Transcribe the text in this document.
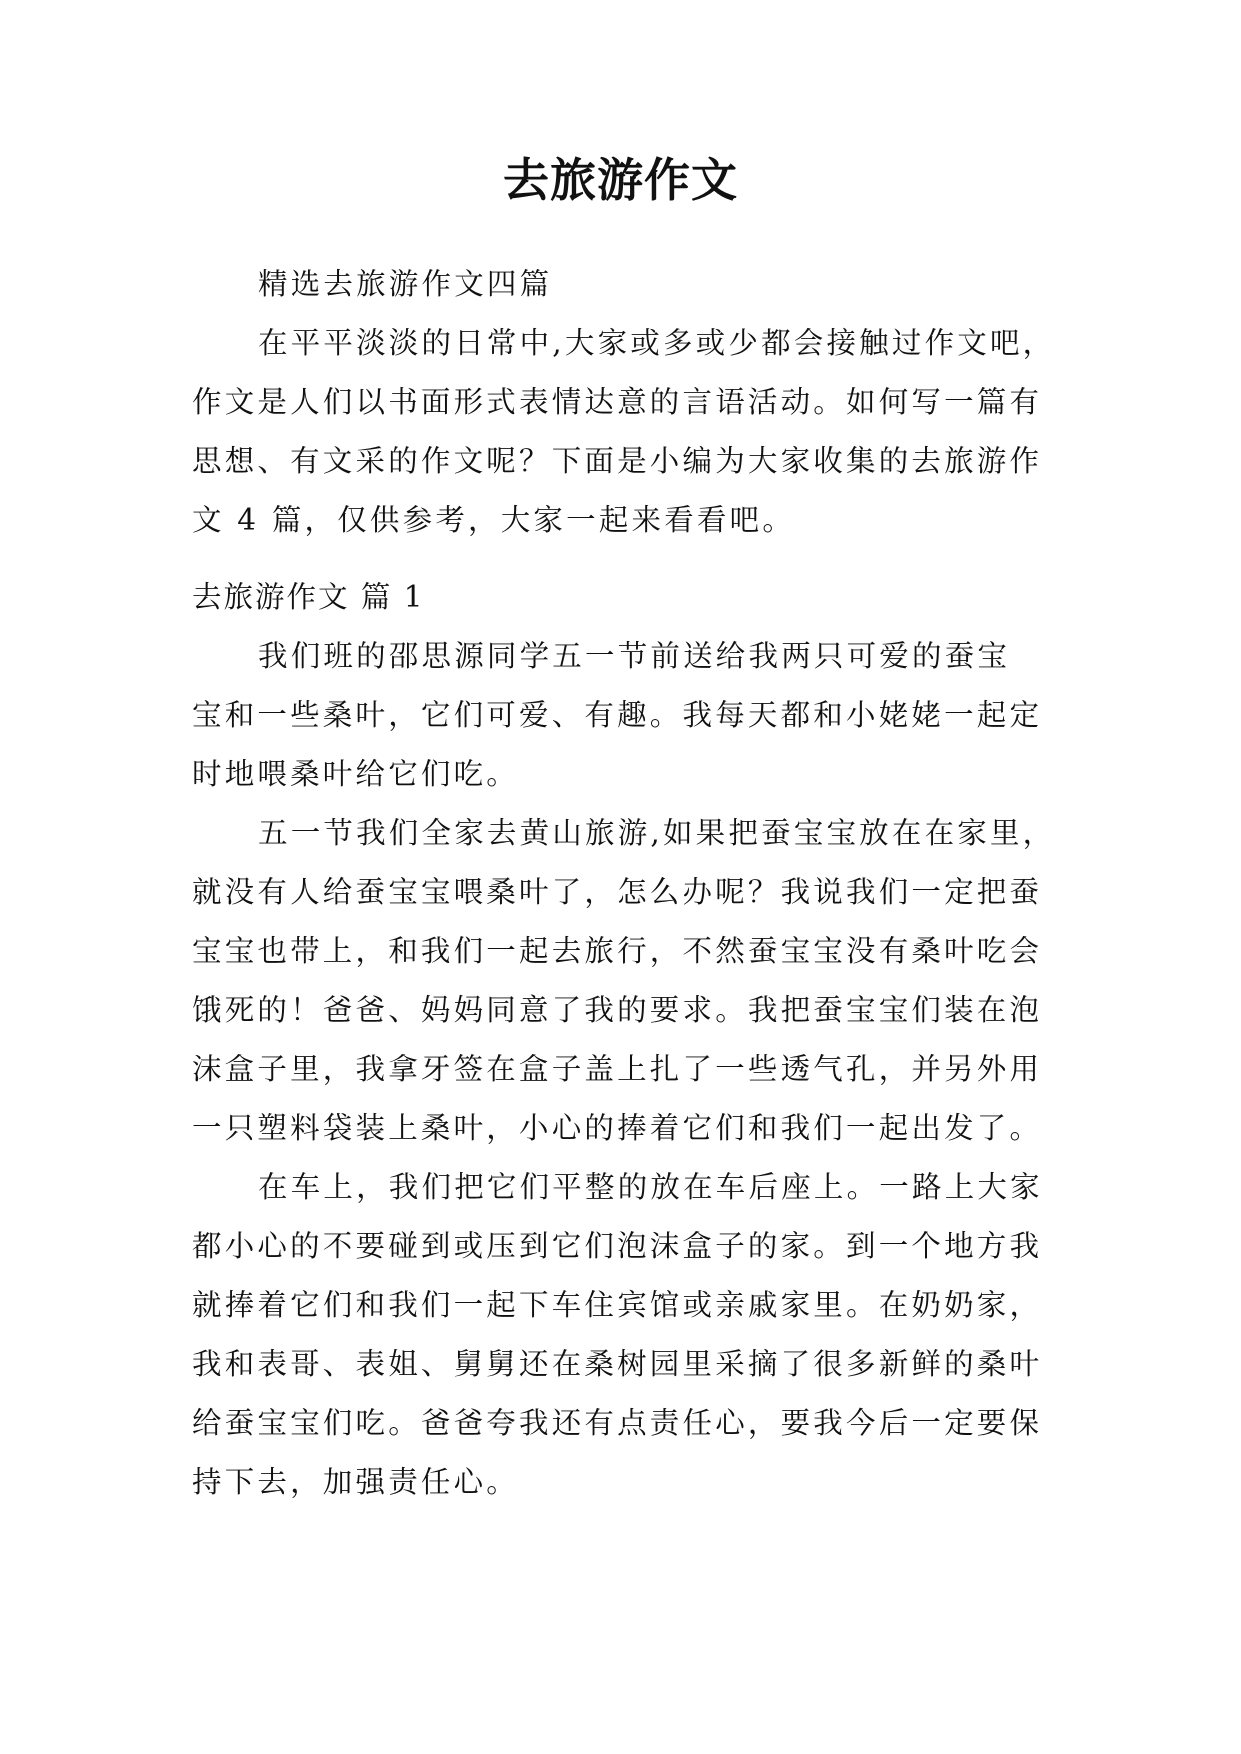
去旅游作文
精选去旅游作文四篇
在平平淡淡的日常中,大家或多或少都会接触过作文吧，
作文是人们以书面形式表情达意的言语活动。如何写一篇有
思想、有文采的作文呢？下面是小编为大家收集的去旅游作
文 4 篇，仅供参考，大家一起来看看吧。
去旅游作文 篇 1
我们班的邵思源同学五一节前送给我两只可爱的蚕宝
宝和一些桑叶，它们可爱、有趣。我每天都和小姥姥一起定
时地喂桑叶给它们吃。
五一节我们全家去黄山旅游,如果把蚕宝宝放在在家里，
就没有人给蚕宝宝喂桑叶了，怎么办呢？我说我们一定把蚕
宝宝也带上，和我们一起去旅行，不然蚕宝宝没有桑叶吃会
饿死的！爸爸、妈妈同意了我的要求。我把蚕宝宝们装在泡
沫盒子里，我拿牙签在盒子盖上扎了一些透气孔，并另外用
一只塑料袋装上桑叶，小心的捧着它们和我们一起出发了。
在车上，我们把它们平整的放在车后座上。一路上大家
都小心的不要碰到或压到它们泡沫盒子的家。到一个地方我
就捧着它们和我们一起下车住宾馆或亲戚家里。在奶奶家，
我和表哥、表姐、舅舅还在桑树园里采摘了很多新鲜的桑叶
给蚕宝宝们吃。爸爸夸我还有点责任心，要我今后一定要保
持下去，加强责任心。
